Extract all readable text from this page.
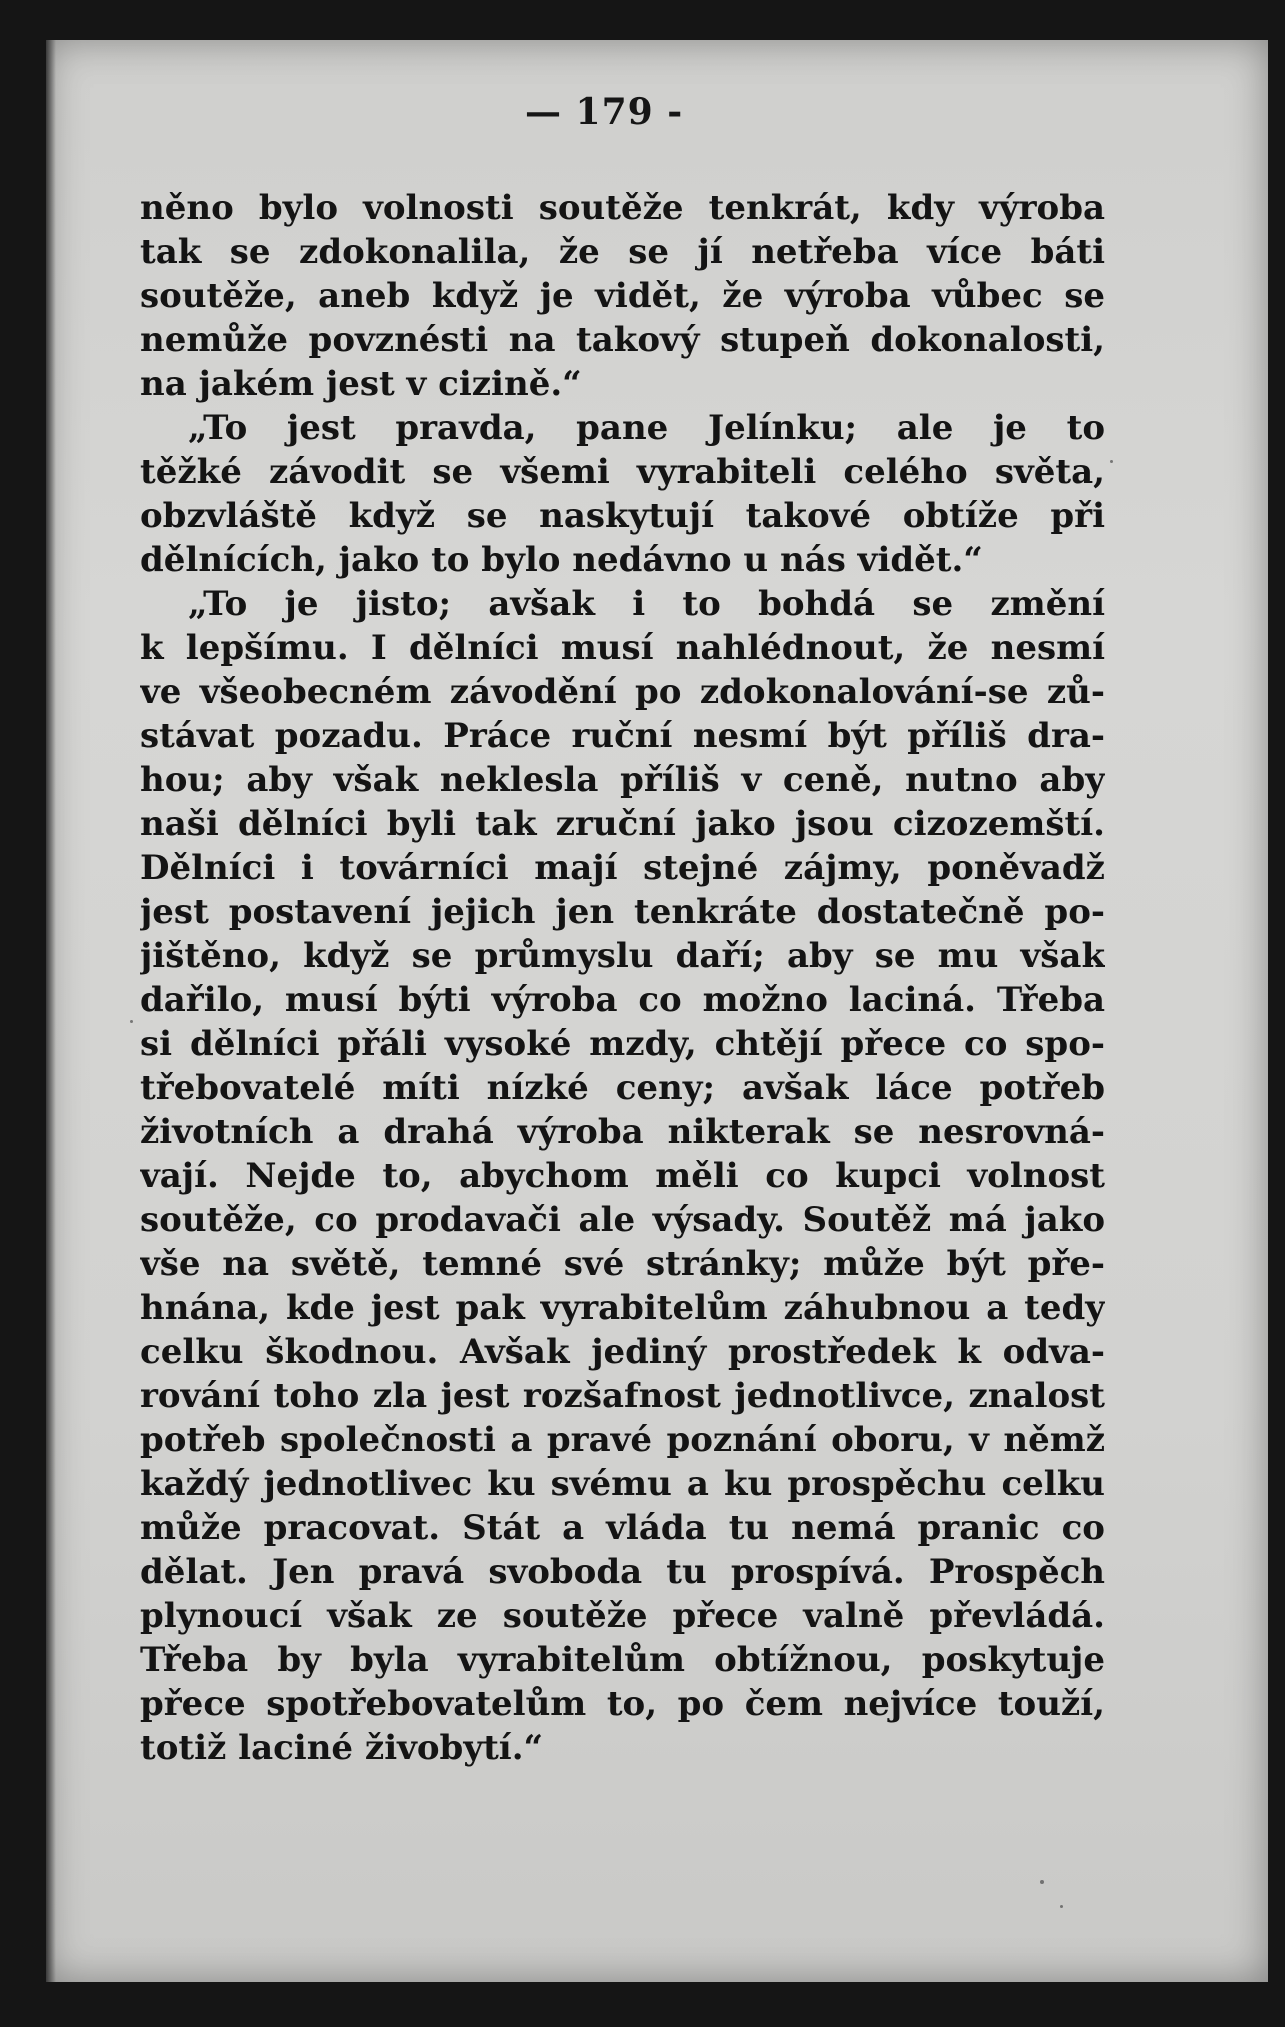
— 179 -
něno bylo volnosti soutěže tenkrát, kdy výroba
tak se zdokonalila, že se jí netřeba více báti
soutěže, aneb když je vidět, že výroba vůbec se
nemůže povznésti na takový stupeň dokonalosti,
na jakém jest v cizině.“
„To jest pravda, pane Jelínku; ale je to
těžké závodit se všemi vyrabiteli celého světa,
obzvláště když se naskytují takové obtíže při
dělnících, jako to bylo nedávno u nás vidět.“
„To je jisto; avšak i to bohdá se změní
k lepšímu. I dělníci musí nahlédnout, že nesmí
ve všeobecném závodění po zdokonalování-se zů-
stávat pozadu. Práce ruční nesmí být příliš dra-
hou; aby však neklesla příliš v ceně, nutno aby
naši dělníci byli tak zruční jako jsou cizozemští.
Dělníci i továrníci mají stejné zájmy, poněvadž
jest postavení jejich jen tenkráte dostatečně po-
jištěno, když se průmyslu daří; aby se mu však
dařilo, musí býti výroba co možno laciná. Třeba
si dělníci přáli vysoké mzdy, chtějí přece co spo-
třebovatelé míti nízké ceny; avšak láce potřeb
životních a drahá výroba nikterak se nesrovná-
vají. Nejde to, abychom měli co kupci volnost
soutěže, co prodavači ale výsady. Soutěž má jako
vše na světě, temné své stránky; může být pře-
hnána, kde jest pak vyrabitelům záhubnou a tedy
celku škodnou. Avšak jediný prostředek k odva-
rování toho zla jest rozšafnost jednotlivce, znalost
potřeb společnosti a pravé poznání oboru, v němž
každý jednotlivec ku svému a ku prospěchu celku
může pracovat. Stát a vláda tu nemá pranic co
dělat. Jen pravá svoboda tu prospívá. Prospěch
plynoucí však ze soutěže přece valně převládá.
Třeba by byla vyrabitelům obtížnou, poskytuje
přece spotřebovatelům to, po čem nejvíce touží,
totiž laciné živobytí.“
